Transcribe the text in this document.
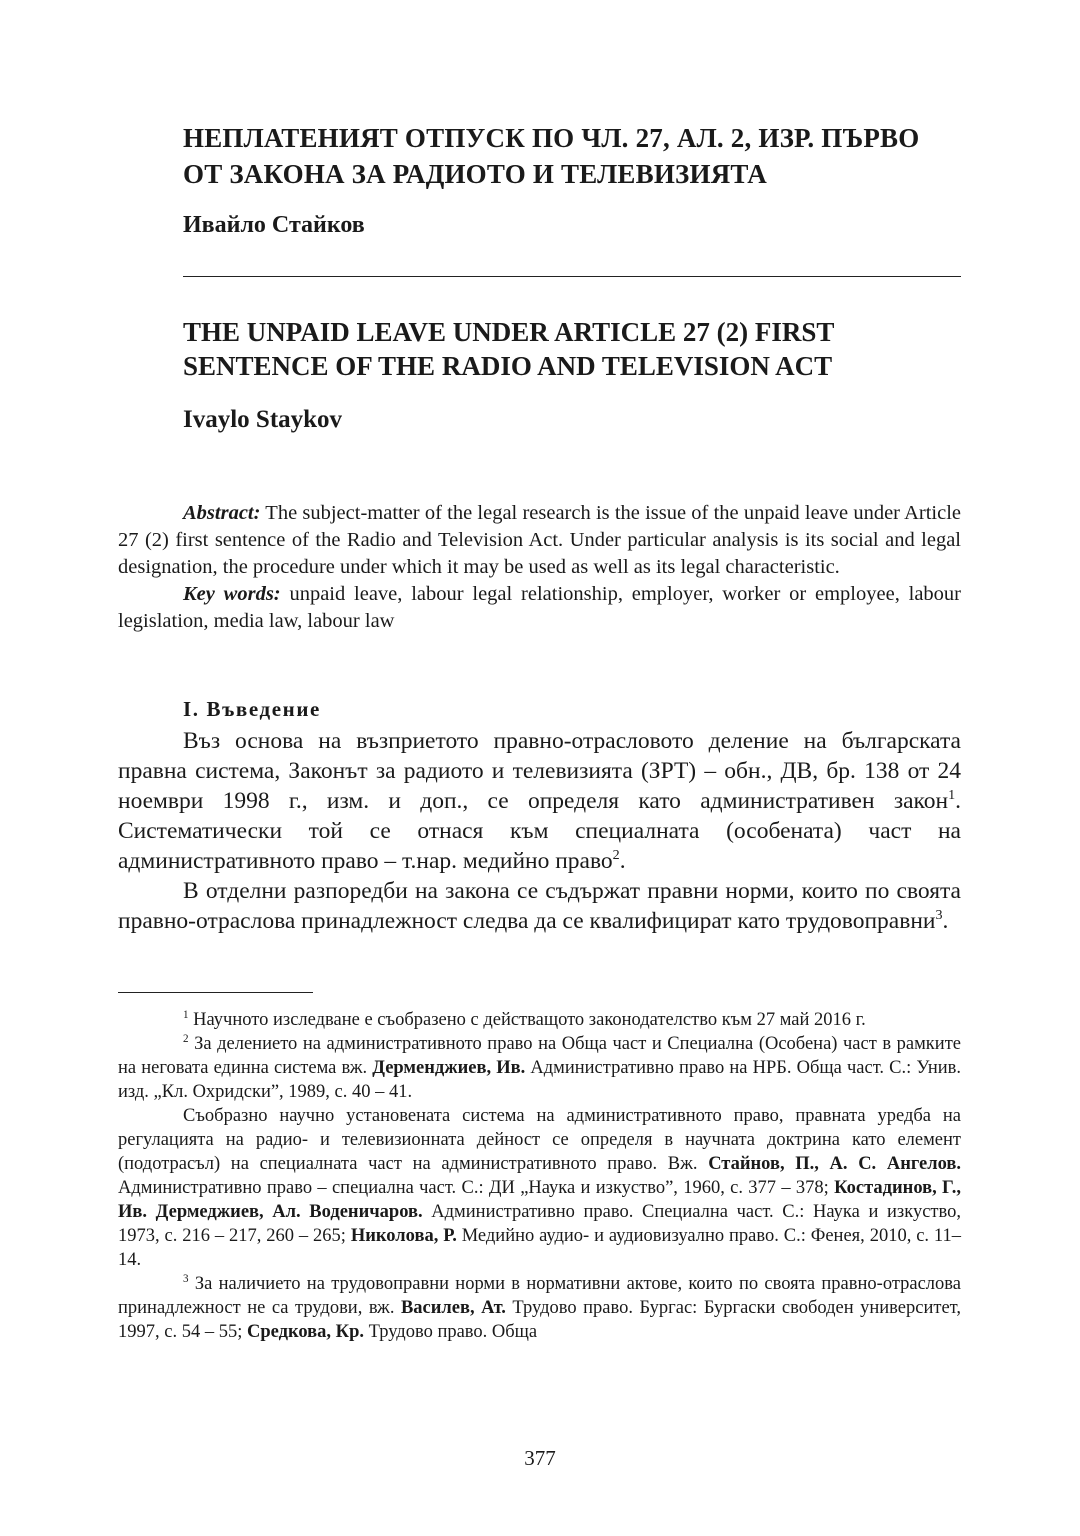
НЕПЛАТЕНИЯТ ОТПУСК ПО ЧЛ. 27, АЛ. 2, ИЗР. ПЪРВО
ОТ ЗАКОНА ЗА РАДИОТО И ТЕЛЕВИЗИЯТА
Ивайло Стайков
THE UNPAID LEAVE UNDER ARTICLE 27 (2) FIRST
SENTENCE OF THE RADIO AND TELEVISION ACT
Ivaylo Staykov

Abstract: The subject-matter of the legal research is the issue of the unpaid leave under Article 27 (2) first sentence of the Radio and Television Act. Under particular analysis is its social and legal designation, the procedure under which it may be used as well as its legal characteristic.

Key words: unpaid leave, labour legal relationship, employer, worker or employee, labour legislation, media law, labour law

I. Въведение

Въз основа на възприетото правно-отрасловото деление на българската правна система, Законът за радиото и телевизията (ЗРТ) – обн., ДВ, бр. 138 от 24 ноември 1998 г., изм. и доп., се определя като административен закон$^1$. Систематически той се отнася към специалната (особената) част на административното право – т.нар. медийно право$^2$.

В отделни разпоредби на закона се съдържат правни норми, които по своята правно-отраслова принадлежност следва да се квалифицират като трудовоправни$^3$.

$^1$ Научното изследване е съобразено с действащото законодателство към 27 май 2016 г.

$^2$ За делението на административното право на Обща част и Специална (Особена) част в рамките на неговата единна система вж. Дерменджиев, Ив. Административно право на НРБ. Обща част. С.: Унив. изд. „Кл. Охридски”, 1989, с. 40 – 41.

Съобразно научно установената система на административното право, правната уредба на регулацията на радио- и телевизионната дейност се определя в научната доктрина като елемент (подотрасъл) на специалната част на административното право. Вж. Стайнов, П., А. С. Ангелов. Административно право – специална част. С.: ДИ „Наука и изкуство”, 1960, с. 377 – 378; Костадинов, Г., Ив. Дермеджиев, Ал. Воденичаров. Административно право. Специална част. С.: Наука и изкуство, 1973, с. 216 – 217, 260 – 265; Николова, Р. Медийно аудио- и аудиовизуално право. С.: Фенея, 2010, с. 11– 14.

$^3$ За наличието на трудовоправни норми в нормативни актове, които по своята правно-отраслова принадлежност не са трудови, вж. Василев, Ат. Трудово право. Бургас: Бургаски свободен университет, 1997, с. 54 – 55; Средкова, Кр. Трудово право. Обща

377
